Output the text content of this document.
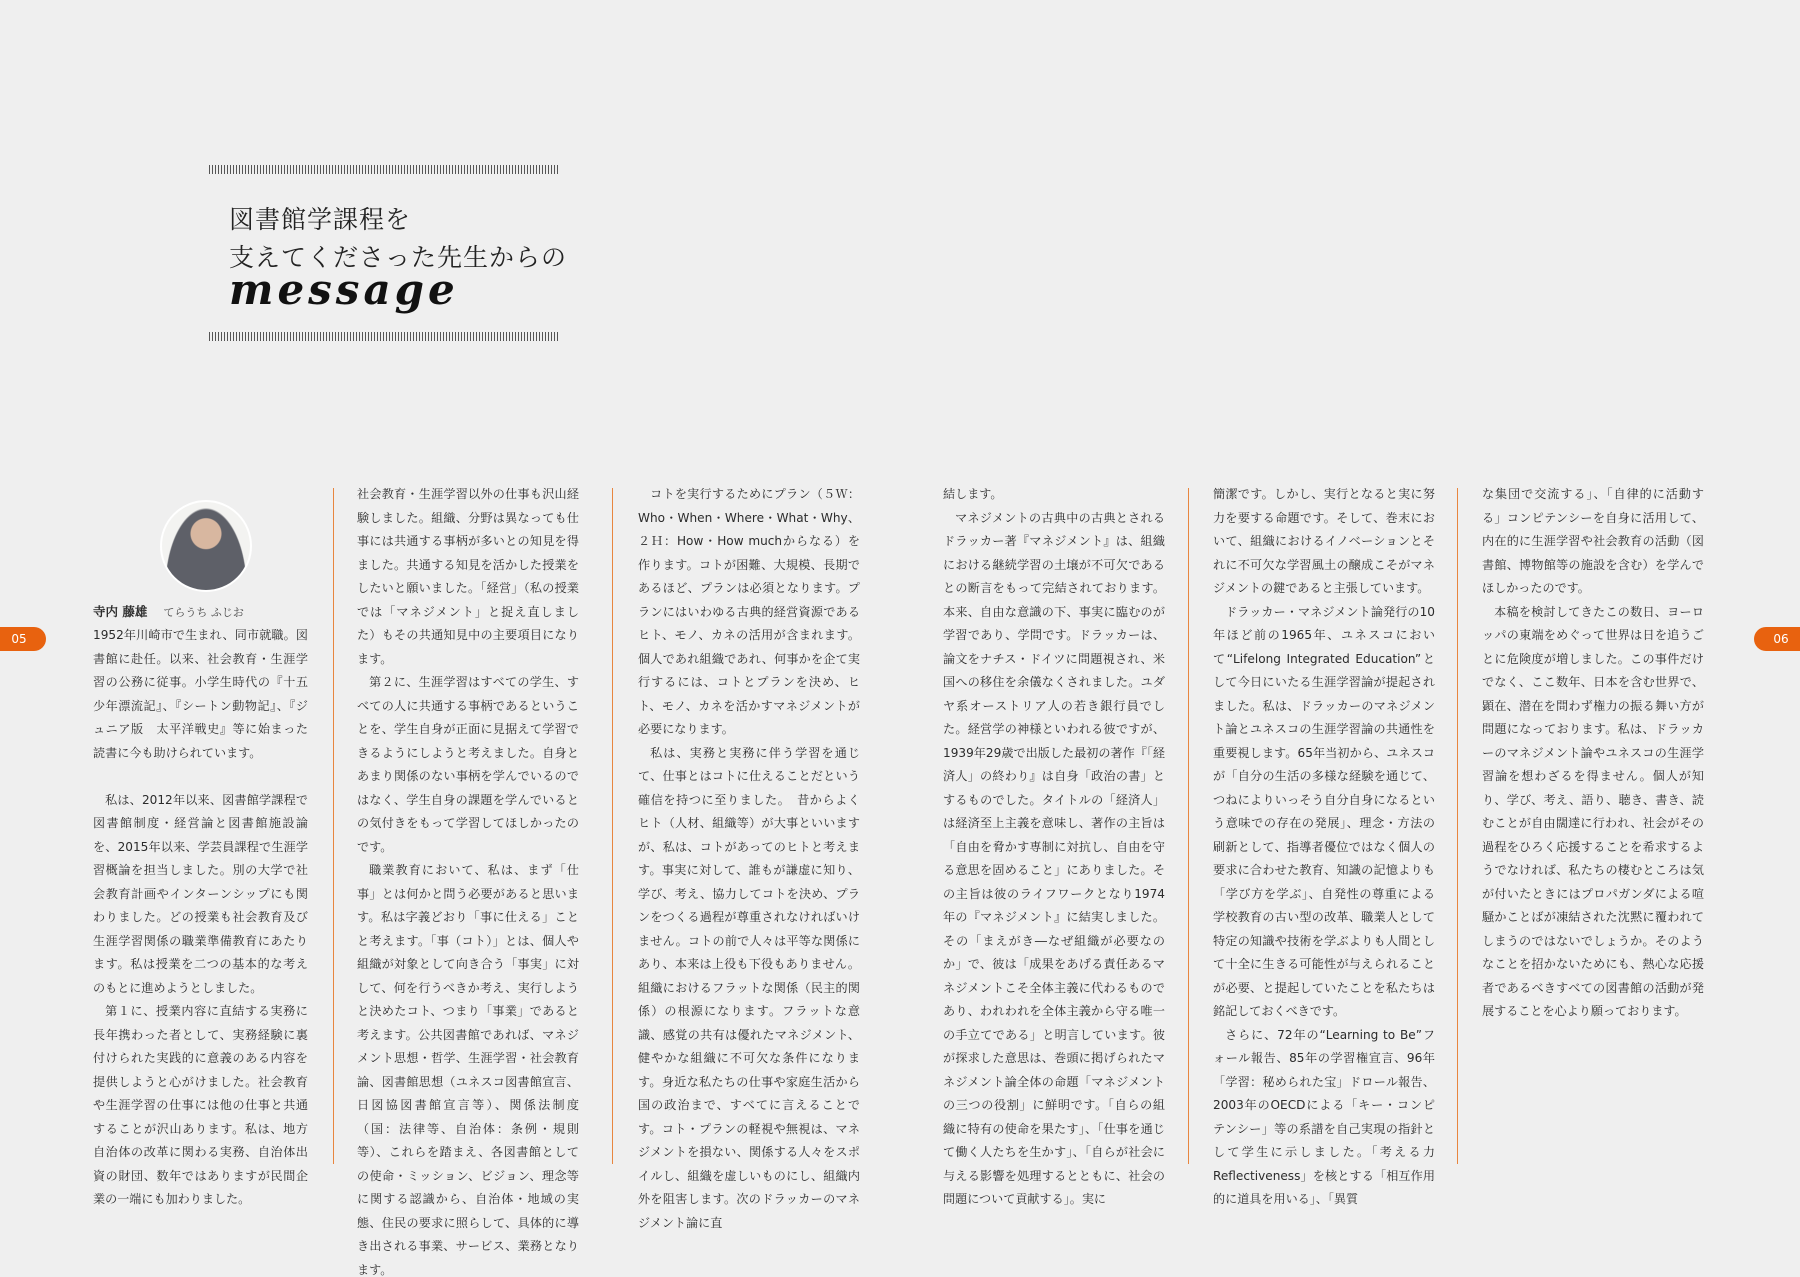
図書館学課程を
支えてくださった先生からの
message
05	06
寺内 藤雄 てらうち ふじお

1952年川崎市で生まれ、同市就職。図書館に赴任。以来、社会教育・生涯学習の公務に従事。小学生時代の『十五少年漂流記』、『シートン動物記』、『ジュニア版　太平洋戦史』等に始まった読書に今も助けられています。

私は、2012年以来、図書館学課程で図書館制度・経営論と図書館施設論を、2015年以来、学芸員課程で生涯学習概論を担当しました。別の大学で社会教育計画やインターンシップにも関わりました。どの授業も社会教育及び生涯学習関係の職業準備教育にあたります。私は授業を二つの基本的な考えのもとに進めようとしました。

第１に、授業内容に直結する実務に長年携わった者として、実務経験に裏付けられた実践的に意義のある内容を提供しようと心がけました。社会教育や生涯学習の仕事には他の仕事と共通することが沢山あります。私は、地方自治体の改革に関わる実務、自治体出資の財団、数年ではありますが民間企業の一端にも加わりました。

社会教育・生涯学習以外の仕事も沢山経験しました。組織、分野は異なっても仕事には共通する事柄が多いとの知見を得ました。共通する知見を活かした授業をしたいと願いました。「経営」（私の授業では「マネジメント」と捉え直しました）もその共通知見中の主要項目になります。

第２に、生涯学習はすべての学生、すべての人に共通する事柄であるということを、学生自身が正面に見据えて学習できるようにしようと考えました。自身とあまり関係のない事柄を学んでいるのではなく、学生自身の課題を学んでいるとの気付きをもって学習してほしかったのです。

職業教育において、私は、まず「仕事」とは何かと問う必要があると思います。私は字義どおり「事に仕える」ことと考えます。「事（コト）」とは、個人や組織が対象として向き合う「事実」に対して、何を行うべきか考え、実行しようと決めたコト、つまり「事業」であると考えます。公共図書館であれば、マネジメント思想・哲学、生涯学習・社会教育論、図書館思想（ユネスコ図書館宣言、日図協図書館宣言等）、関係法制度（国：法律等、自治体：条例・規則等）、これらを踏まえ、各図書館としての使命・ミッション、ビジョン、理念等に関する認識から、自治体・地域の実態、住民の要求に照らして、具体的に導き出される事業、サービス、業務となります。

コトを実行するためにプラン（５Ｗ：Who・When・Where・What・Why、２Ｈ：How・How muchからなる）を作ります。コトが困難、大規模、長期であるほど、プランは必須となります。プランにはいわゆる古典的経営資源であるヒト、モノ、カネの活用が含まれます。個人であれ組織であれ、何事かを企て実行するには、コトとプランを決め、ヒト、モノ、カネを活かすマネジメントが必要になります。

私は、実務と実務に伴う学習を通じて、仕事とはコトに仕えることだという確信を持つに至りました。　昔からよくヒト（人材、組織等）が大事といいますが、私は、コトがあってのヒトと考えます。事実に対して、誰もが謙虚に知り、学び、考え、協力してコトを決め、プランをつくる過程が尊重されなければいけません。コトの前で人々は平等な関係にあり、本来は上役も下役もありません。組織におけるフラットな関係（民主的関係）の根源になります。フラットな意識、感覚の共有は優れたマネジメント、健やかな組織に不可欠な条件になります。身近な私たちの仕事や家庭生活から国の政治まで、すべてに言えることです。コト・プランの軽視や無視は、マネジメントを損ない、関係する人々をスポイルし、組織を虚しいものにし、組織内外を阻害します。次のドラッカーのマネジメント論に直

結します。

マネジメントの古典中の古典とされるドラッカー著『マネジメント』は、組織における継続学習の土壌が不可欠であるとの断言をもって完結されております。本来、自由な意識の下、事実に臨むのが学習であり、学問です。ドラッカーは、論文をナチス・ドイツに問題視され、米国への移住を余儀なくされました。ユダヤ系オーストリア人の若き銀行員でした。経営学の神様といわれる彼ですが、1939年29歳で出版した最初の著作『「経済人」の終わり』は自身「政治の書」とするものでした。タイトルの「経済人」は経済至上主義を意味し、著作の主旨は「自由を脅かす専制に対抗し、自由を守る意思を固めること」にありました。その主旨は彼のライフワークとなり1974年の『マネジメント』に結実しました。その「まえがき―なぜ組織が必要なのか」で、彼は「成果をあげる責任あるマネジメントこそ全体主義に代わるものであり、われわれを全体主義から守る唯一の手立てである」と明言しています。彼が探求した意思は、巻頭に掲げられたマネジメント論全体の命題「マネジメントの三つの役割」に鮮明です。「自らの組織に特有の使命を果たす」、「仕事を通じて働く人たちを生かす」、「自らが社会に与える影響を処理するとともに、社会の問題について貢献する」。実に

簡潔です。しかし、実行となると実に努力を要する命題です。そして、巻末において、組織におけるイノベーションとそれに不可欠な学習風土の醸成こそがマネジメントの鍵であると主張しています。

ドラッカー・マネジメント論発行の10年ほど前の1965年、ユネスコにおいて“Lifelong Integrated Education”として今日にいたる生涯学習論が提起されました。私は、ドラッカーのマネジメント論とユネスコの生涯学習論の共通性を重要視します。65年当初から、ユネスコが「自分の生活の多様な経験を通じて、つねによりいっそう自分自身になるという意味での存在の発展」、理念・方法の刷新として、指導者優位ではなく個人の要求に合わせた教育、知識の記憶よりも「学び方を学ぶ」、自発性の尊重による学校教育の古い型の改革、職業人として特定の知識や技術を学ぶよりも人間として十全に生きる可能性が与えられることが必要、と提起していたことを私たちは銘記しておくべきです。

さらに、72年の“Learning to Be”フォール報告、85年の学習権宣言、96年「学習：秘められた宝」ドロール報告、2003年のOECDによる「キー・コンピテンシー」等の系譜を自己実現の指針として学生に示しました。「考える力Reflectiveness」を核とする「相互作用的に道具を用いる」、「異質

な集団で交流する」、「自律的に活動する」コンピテンシーを自身に活用して、内在的に生涯学習や社会教育の活動（図書館、博物館等の施設を含む）を学んでほしかったのです。

本稿を検討してきたこの数日、ヨーロッパの東端をめぐって世界は日を追うごとに危険度が増しました。この事件だけでなく、ここ数年、日本を含む世界で、顕在、潜在を問わず権力の振る舞い方が問題になっております。私は、ドラッカーのマネジメント論やユネスコの生涯学習論を想わざるを得ません。個人が知り、学び、考え、語り、聴き、書き、読むことが自由闊達に行われ、社会がその過程をひろく応援することを希求するようでなければ、私たちの棲むところは気が付いたときにはプロパガンダによる喧騒かことばが凍結された沈黙に覆われてしまうのではないでしょうか。そのようなことを招かないためにも、熱心な応援者であるべきすべての図書館の活動が発展することを心より願っております。
